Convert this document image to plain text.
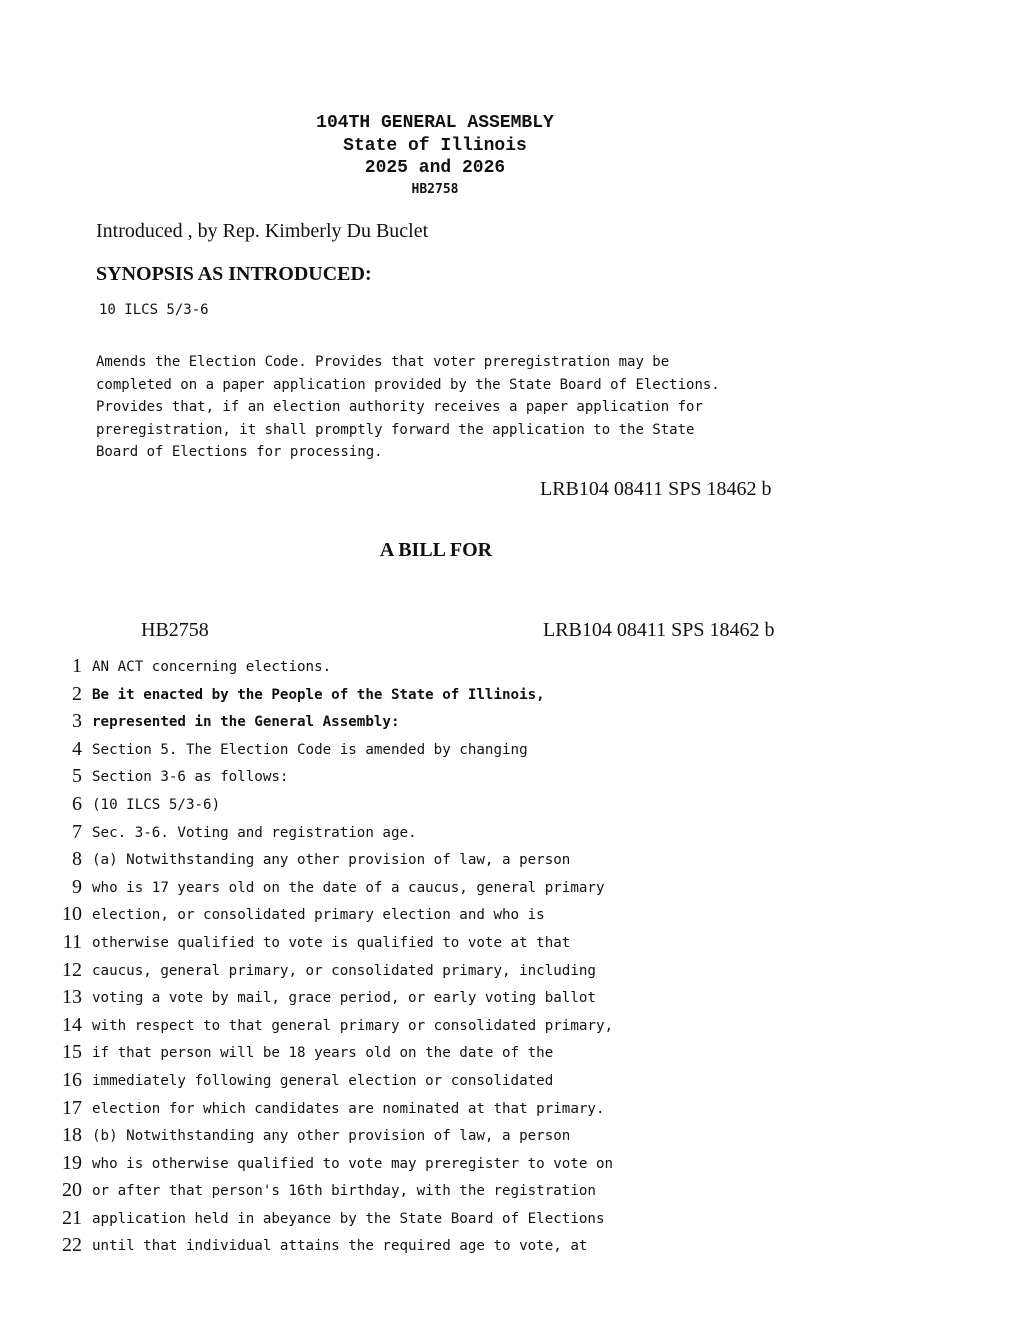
104TH GENERAL ASSEMBLY
State of Illinois
2025 and 2026
HB2758
Introduced , by Rep. Kimberly Du Buclet
SYNOPSIS AS INTRODUCED:
10 ILCS 5/3-6
Amends the Election Code. Provides that voter preregistration may be
completed on a paper application provided by the State Board of Elections.
Provides that, if an election authority receives a paper application for
preregistration, it shall promptly forward the application to the State
Board of Elections for processing.
LRB104 08411 SPS 18462 b
A BILL FOR
HB2758	LRB104 08411 SPS 18462 b
1 AN ACT concerning elections.
2 Be it enacted by the People of the State of Illinois,
3 represented in the General Assembly:
4 Section 5. The Election Code is amended by changing
5 Section 3-6 as follows:
6 (10 ILCS 5/3-6)
7 Sec. 3-6. Voting and registration age.
8 (a) Notwithstanding any other provision of law, a person
9 who is 17 years old on the date of a caucus, general primary
10 election, or consolidated primary election and who is
11 otherwise qualified to vote is qualified to vote at that
12 caucus, general primary, or consolidated primary, including
13 voting a vote by mail, grace period, or early voting ballot
14 with respect to that general primary or consolidated primary,
15 if that person will be 18 years old on the date of the
16 immediately following general election or consolidated
17 election for which candidates are nominated at that primary.
18 (b) Notwithstanding any other provision of law, a person
19 who is otherwise qualified to vote may preregister to vote on
20 or after that person's 16th birthday, with the registration
21 application held in abeyance by the State Board of Elections
22 until that individual attains the required age to vote, at
